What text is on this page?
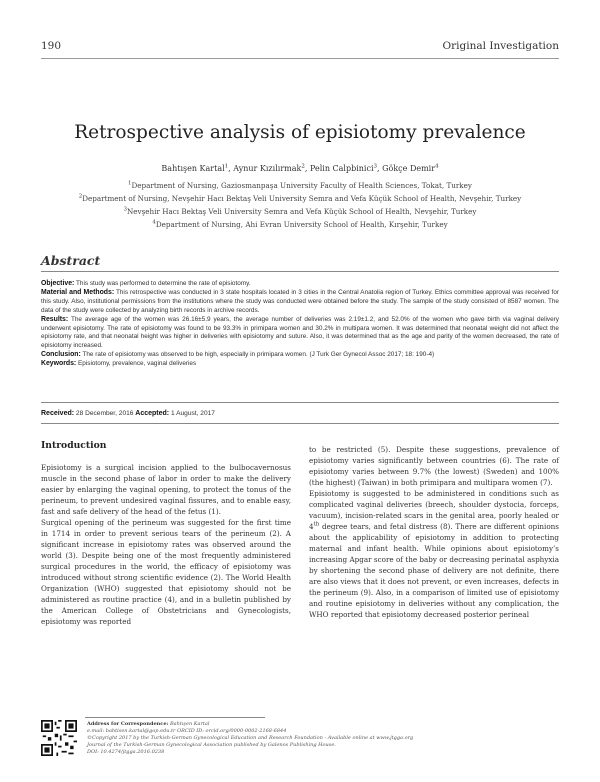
190	Original Investigation
Retrospective analysis of episiotomy prevalence
Bahtışen Kartal$^1$, Aynur Kızılırmak$^2$, Pelin Calpbinici$^3$, Gökçe Demir$^4$
$^1$Department of Nursing, Gaziosmanpaşa University Faculty of Health Sciences, Tokat, Turkey
$^2$Department of Nursing, Nevşehir Hacı Bektaş Veli University Semra and Vefa Küçük School of Health, Nevşehir, Turkey
$^3$Nevşehir Hacı Bektaş Veli University Semra and Vefa Küçük School of Health, Nevşehir, Turkey
$^4$Department of Nursing, Ahi Evran University School of Health, Kırşehir, Turkey
Abstract

Objective: This study was performed to determine the rate of episiotomy.

Material and Methods: This retrospective was conducted in 3 state hospitals located in 3 cities in the Central Anatolia region of Turkey. Ethics committee approval was received for this study. Also, institutional permissions from the institutions where the study was conducted were obtained before the study. The sample of the study consisted of 8587 women. The data of the study were collected by analyzing birth records in archive records.

Results: The average age of the women was 26.16±5.9 years, the average number of deliveries was 2.19±1.2, and 52.0% of the women who gave birth via vaginal delivery underwent episiotomy. The rate of episiotomy was found to be 93.3% in primipara women and 30.2% in multipara women. It was determined that neonatal weight did not affect the episiotomy rate, and that neonatal height was higher in deliveries with episiotomy and suture. Also, it was determined that as the age and parity of the women decreased, the rate of episiotomy increased.

Conclusion: The rate of episiotomy was observed to be high, especially in primipara women. (J Turk Ger Gynecol Assoc 2017; 18: 190-4)

Keywords: Episiotomy, prevalence, vaginal deliveries

Received: 28 December, 2016 Accepted: 1 August, 2017
Introduction

Episiotomy is a surgical incision applied to the bulbocavernosus muscle in the second phase of labor in order to make the delivery easier by enlarging the vaginal opening, to protect the tonus of the perineum, to prevent undesired vaginal fissures, and to enable easy, fast and safe delivery of the head of the fetus (1).

Surgical opening of the perineum was suggested for the first time in 1714 in order to prevent serious tears of the perineum (2). A significant increase in episiotomy rates was observed around the world (3). Despite being one of the most frequently administered surgical procedures in the world, the efficacy of episiotomy was introduced without strong scientific evidence (2). The World Health Organization (WHO) suggested that episiotomy should not be administered as routine practice (4), and in a bulletin published by the American College of Obstetricians and Gynecologists, episiotomy was reported

to be restricted (5). Despite these suggestions, prevalence of episiotomy varies significantly between countries (6). The rate of episiotomy varies between 9.7% (the lowest) (Sweden) and 100% (the highest) (Taiwan) in both primipara and multipara women (7).

Episiotomy is suggested to be administered in conditions such as complicated vaginal deliveries (breech, shoulder dystocia, forceps, vacuum), incision-related scars in the genital area, poorly healed or 4th degree tears, and fetal distress (8). There are different opinions about the applicability of episiotomy in addition to protecting maternal and infant health. While opinions about episiotomy’s increasing Apgar score of the baby or decreasing perinatal asphyxia by shortening the second phase of delivery are not definite, there are also views that it does not prevent, or even increases, defects in the perineum (9). Also, in a comparison of limited use of episiotomy and routine episiotomy in deliveries without any complication, the WHO reported that episiotomy decreased posterior perineal

Address for Correspondence: Bahtışen Kartal
e.mail: bahtisen.kartal@gop.edu.tr ORCID ID: orcid.org/0000-0002-2168-6844
©Copyright 2017 by the Turkish-German Gynecological Education and Research Foundation - Available online at www.jtgga.org
Journal of the Turkish-German Gynecological Association published by Galenos Publishing House.
DOI: 10.4274/jtgga.2016.0238
